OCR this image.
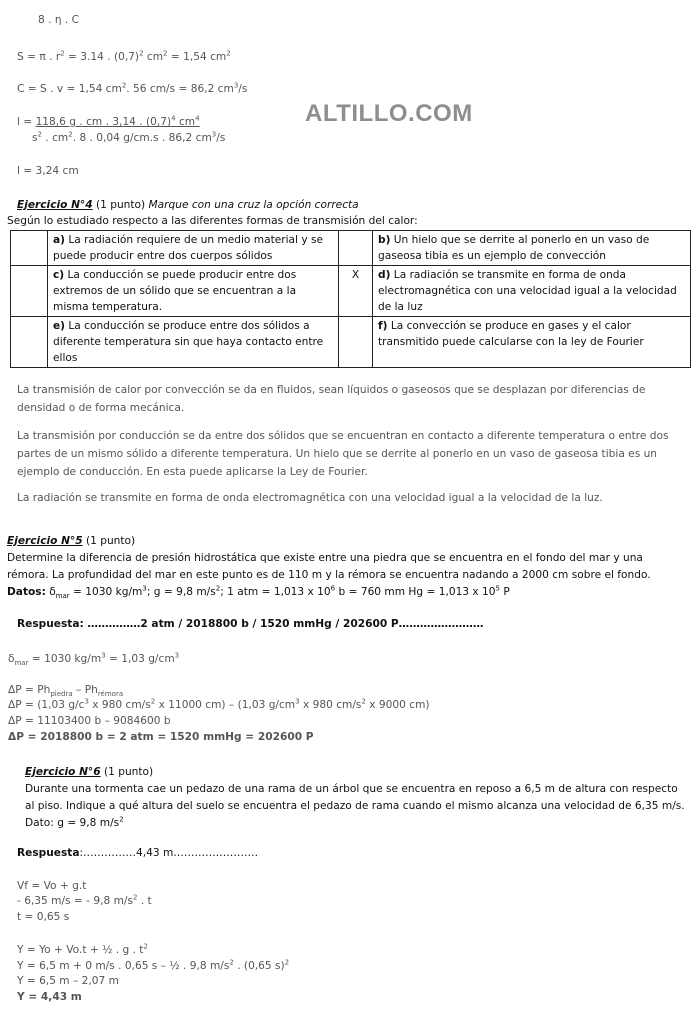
ALTILLO.COM
8 . η . C
S = π . $r^2 = 3.14$ . $(0,7)^2$ $cm^2 = 1,54$ $cm^2$
C = S . v = 1,54 $cm^2$. 56 cm/s = 86,2 $cm^3/s$
l = 118,6 g . cm . 3,14 . $(0,7)^4$ $cm^4$
$s^2$ . $cm^2$. 8 . 0,04 g/cm.s . 86,2 $cm^3/s$
l = 3,24 cm
Ejercicio N°4 (1 punto) Marque con una cruz la opción correcta
Según lo estudiado respecto a las diferentes formas de transmisión del calor:
	a) La radiación requiere de un medio material y se puede producir entre dos cuerpos sólidos		b) Un hielo que se derrite al ponerlo en un vaso de gaseosa tibia es un ejemplo de convección
	c) La conducción se puede producir entre dos extremos de un sólido que se encuentran a la misma temperatura.	X	d) La radiación se transmite en forma de onda electromagnética con una velocidad igual a la velocidad de la luz
	e) La conducción se produce entre dos sólidos a diferente temperatura sin que haya contacto entre ellos		f) La convección se produce en gases y el calor transmitido puede calcularse con la ley de Fourier
La transmisión de calor por convección se da en fluidos, sean líquidos o gaseosos que se desplazan por diferencias de densidad o de forma mecánica.
La transmisión por conducción se da entre dos sólidos que se encuentran en contacto a diferente temperatura o entre dos partes de un mismo sólido a diferente temperatura. Un hielo que se derrite al ponerlo en un vaso de gaseosa tibia es un ejemplo de conducción. En esta puede aplicarse la Ley de Fourier.
La radiación se transmite en forma de onda electromagnética con una velocidad igual a la velocidad de la luz.
Ejercicio N°5 (1 punto)
Determine la diferencia de presión hidrostática que existe entre una piedra que se encuentra en el fondo del mar y una rémora. La profundidad del mar en este punto es de 110 m y la rémora se encuentra nadando a 2000 cm sobre el fondo. Datos: $\delta_{mar} = 1030$ $kg/m^3$; g = 9,8 $m/s^2$; 1 atm = 1,013 x $10^6$ b = 760 mm Hg = 1,013 x $10^5$ P
Respuesta: ……………2 atm / 2018800 b / 1520 mmHg / 202600 P……………………
$\delta_{mar} = 1030$ $kg/m^3 = 1,03$ $g/cm^3$
$\Delta P = Ph_{piedra} - Ph_{rémora}$
ΔP = (1,03 $g/c^3$ x 980 $cm/s^2$ x 11000 cm) – (1,03 $g/cm^3$ x 980 $cm/s^2$ x 9000 cm)
ΔP = 11103400 b – 9084600 b
ΔP = 2018800 b = 2 atm = 1520 mmHg = 202600 P
Ejercicio N°6 (1 punto)
Durante una tormenta cae un pedazo de una rama de un árbol que se encuentra en reposo a 6,5 m de altura con respecto al piso. Indique a qué altura del suelo se encuentra el pedazo de rama cuando el mismo alcanza una velocidad de 6,35 m/s.
Dato: g = 9,8 $m/s^2$
Respuesta:……………4,43 m……………………
Vf = Vo + g.t
- 6,35 m/s = - 9,8 $m/s^2$ . t
t = 0,65 s
Y = Yo + Vo.t + ½ . g . $t^2$
Y = 6,5 m + 0 m/s . 0,65 s – ½ . 9,8 $m/s^2$ . (0,65 s)$^2$
Y = 6,5 m – 2,07 m
Y = 4,43 m
